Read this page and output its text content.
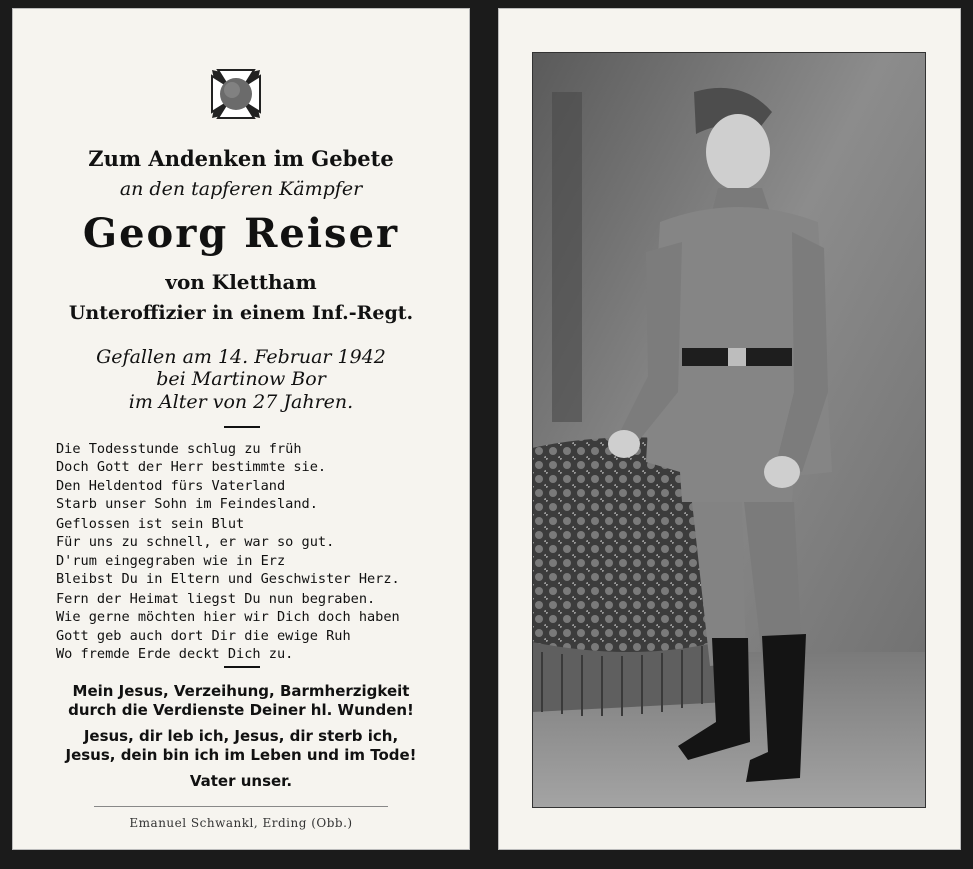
Zum Andenken im Gebete
an den tapferen Kämpfer
Georg Reiser
von Klettham
Unteroffizier in einem Inf.-Regt.
Gefallen am 14. Februar 1942
bei Martinow Bor
im Alter von 27 Jahren.
Die Todesstunde schlug zu früh
Doch Gott der Herr bestimmte sie.
Den Heldentod fürs Vaterland
Starb unser Sohn im Feindesland.
Geflossen ist sein Blut
Für uns zu schnell, er war so gut.
D'rum eingegraben wie in Erz
Bleibst Du in Eltern und Geschwister Herz.
Fern der Heimat liegst Du nun begraben.
Wie gerne möchten hier wir Dich doch haben
Gott geb auch dort Dir die ewige Ruh
Wo fremde Erde deckt Dich zu.
Mein Jesus, Verzeihung, Barmherzigkeit
durch die Verdienste Deiner hl. Wunden!
Jesus, dir leb ich, Jesus, dir sterb ich,
Jesus, dein bin ich im Leben und im Tode!
Vater unser.
Emanuel Schwankl, Erding (Obb.)
